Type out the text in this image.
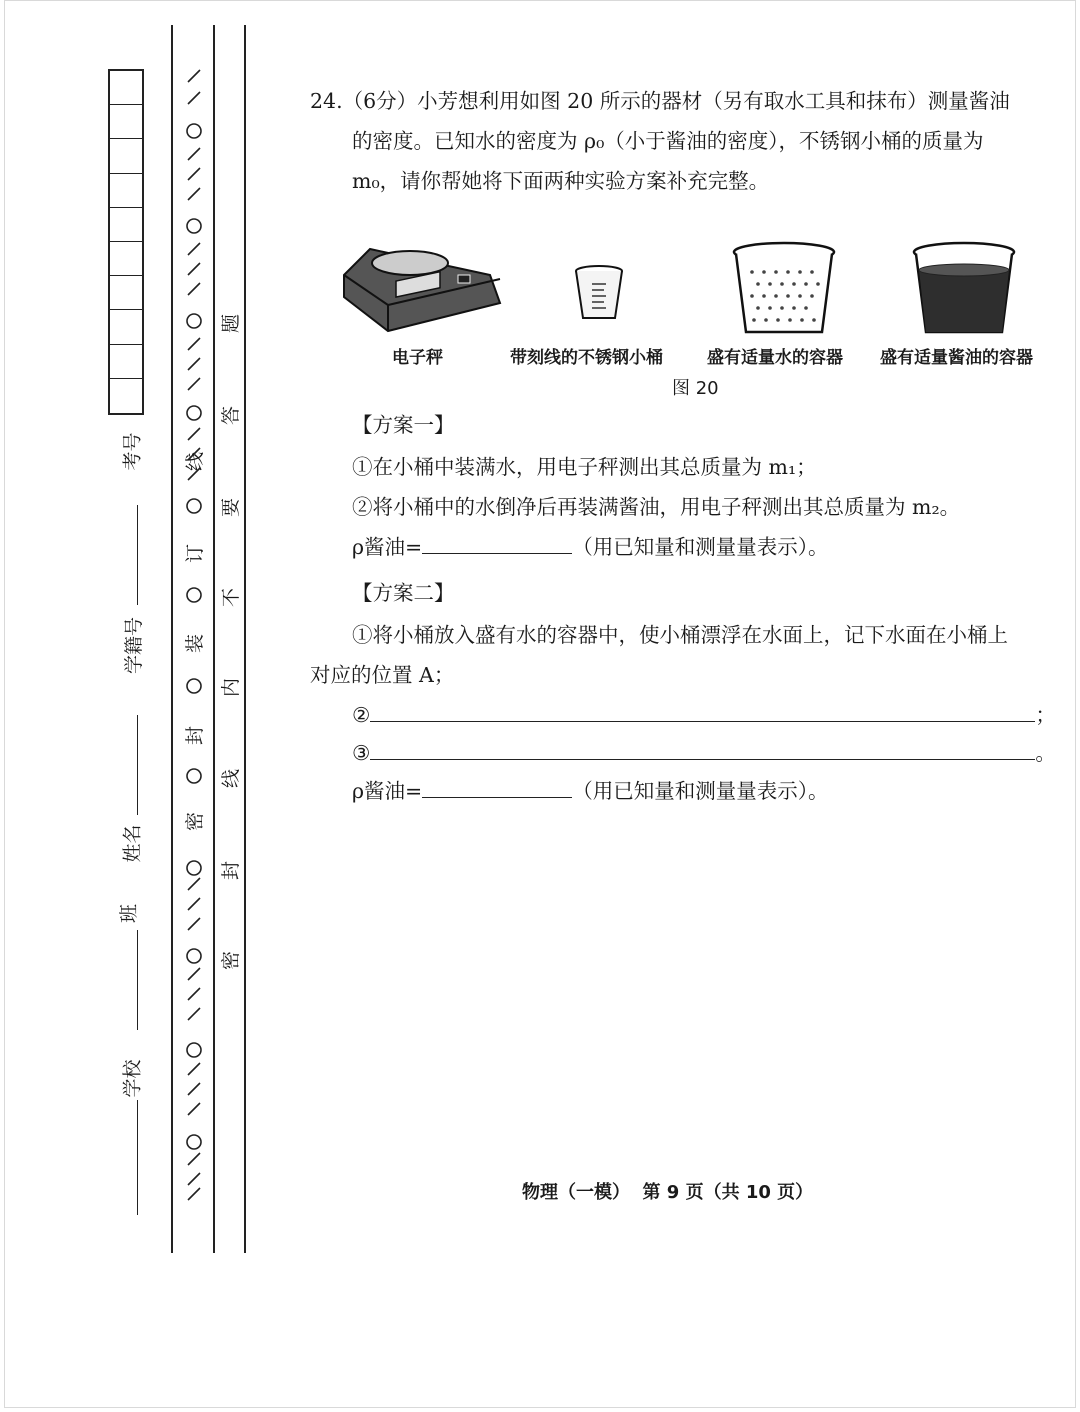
考号
学籍号
姓名
班
学校
线
订
装
封
密
题
答
要
不
内
线
封
密
24.（6分）小芳想利用如图 20 所示的器材（另有取水工具和抹布）测量酱油
的密度。已知水的密度为 ρ₀（小于酱油的密度），不锈钢小桶的质量为
m₀，请你帮她将下面两种实验方案补充完整。
电子秤	带刻线的不锈钢小桶	盛有适量水的容器 盛有适量酱油的容器
图 20
【方案一】
①在小桶中装满水，用电子秤测出其总质量为 m₁；
②将小桶中的水倒净后再装满酱油，用电子秤测出其总质量为 m₂。
ρ酱油=	（用已知量和测量量表示）。
【方案二】
①将小桶放入盛有水的容器中，使小桶漂浮在水面上，记下水面在小桶上
对应的位置 A；
②	；
③	。
ρ酱油=	（用已知量和测量量表示）。
物理（一模）  第 9 页（共 10 页）
